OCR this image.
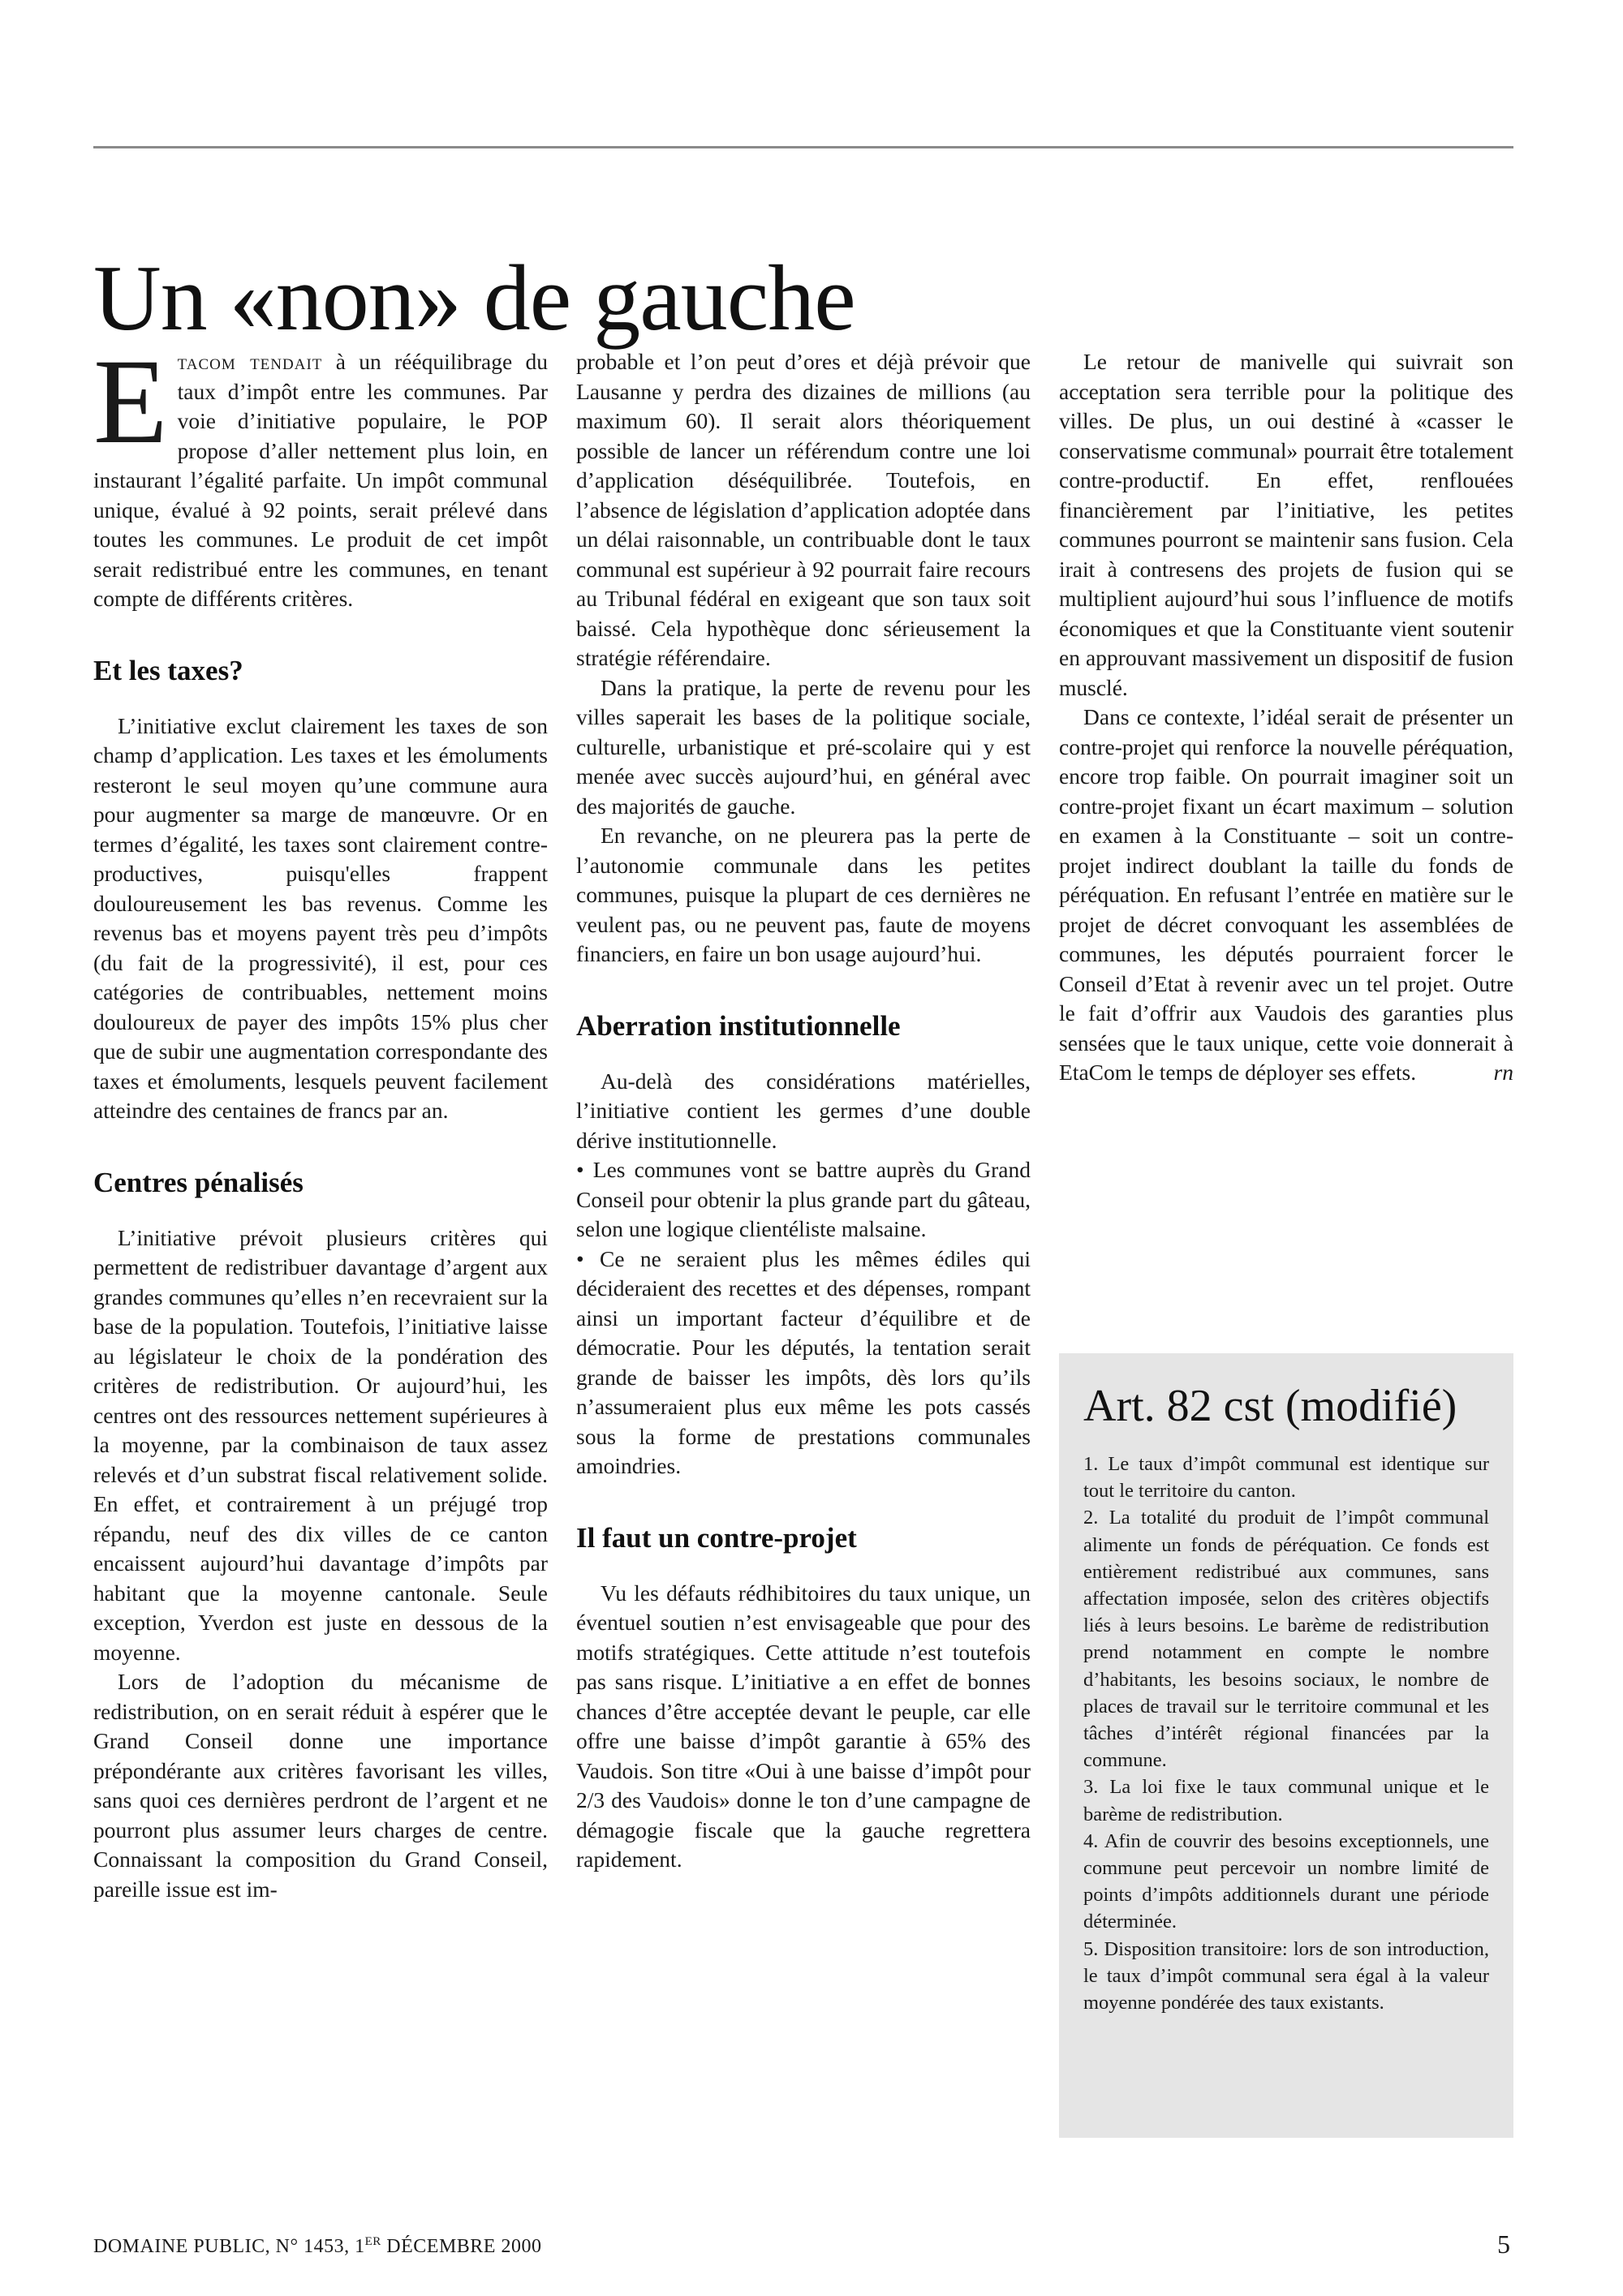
Un «non» de gauche

Etacom tendait à un rééquilibrage du taux d’impôt entre les communes. Par voie d’initiative populaire, le POP propose d’aller nettement plus loin, en instaurant l’égalité parfaite. Un impôt communal unique, évalué à 92 points, serait prélevé dans toutes les communes. Le produit de cet impôt serait redistribué entre les communes, en tenant compte de différents critères.

Et les taxes?

L’initiative exclut clairement les taxes de son champ d’application. Les taxes et les émoluments resteront le seul moyen qu’une commune aura pour augmenter sa marge de manœuvre. Or en termes d’égalité, les taxes sont clairement contre-productives, puisqu'elles frappent douloureusement les bas revenus. Comme les revenus bas et moyens payent très peu d’impôts (du fait de la progressivité), il est, pour ces catégories de contribuables, nettement moins douloureux de payer des impôts 15% plus cher que de subir une augmentation correspondante des taxes et émoluments, lesquels peuvent facilement atteindre des centaines de francs par an.

Centres pénalisés

L’initiative prévoit plusieurs critères qui permettent de redistribuer davantage d’argent aux grandes communes qu’elles n’en recevraient sur la base de la population. Toutefois, l’initiative laisse au législateur le choix de la pondération des critères de redistribution. Or aujourd’hui, les centres ont des ressources nettement supérieures à la moyenne, par la combinaison de taux assez relevés et d’un substrat fiscal relativement solide. En effet, et contrairement à un préjugé trop répandu, neuf des dix villes de ce canton encaissent aujourd’hui davantage d’impôts par habitant que la moyenne cantonale. Seule exception, Yverdon est juste en dessous de la moyenne.

Lors de l’adoption du mécanisme de redistribution, on en serait réduit à espérer que le Grand Conseil donne une importance prépondérante aux critères favorisant les villes, sans quoi ces dernières perdront de l’argent et ne pourront plus assumer leurs charges de centre. Connaissant la composition du Grand Conseil, pareille issue est im-

probable et l’on peut d’ores et déjà prévoir que Lausanne y perdra des dizaines de millions (au maximum 60). Il serait alors théoriquement possible de lancer un référendum contre une loi d’application déséquilibrée. Toutefois, en l’absence de législation d’application adoptée dans un délai raisonnable, un contribuable dont le taux communal est supérieur à 92 pourrait faire recours au Tribunal fédéral en exigeant que son taux soit baissé. Cela hypothèque donc sérieusement la stratégie référendaire.

Dans la pratique, la perte de revenu pour les villes saperait les bases de la politique sociale, culturelle, urbanistique et pré-scolaire qui y est menée avec succès aujourd’hui, en général avec des majorités de gauche.

En revanche, on ne pleurera pas la perte de l’autonomie communale dans les petites communes, puisque la plupart de ces dernières ne veulent pas, ou ne peuvent pas, faute de moyens financiers, en faire un bon usage aujourd’hui.

Aberration institutionnelle

Au-delà des considérations matérielles, l’initiative contient les germes d’une double dérive institutionnelle.

• Les communes vont se battre auprès du Grand Conseil pour obtenir la plus grande part du gâteau, selon une logique clientéliste malsaine.

• Ce ne seraient plus les mêmes édiles qui décideraient des recettes et des dépenses, rompant ainsi un important facteur d’équilibre et de démocratie. Pour les députés, la tentation serait grande de baisser les impôts, dès lors qu’ils n’assumeraient plus eux même les pots cassés sous la forme de prestations communales amoindries.

Il faut un contre-projet

Vu les défauts rédhibitoires du taux unique, un éventuel soutien n’est envisageable que pour des motifs stratégiques. Cette attitude n’est toutefois pas sans risque. L’initiative a en effet de bonnes chances d’être acceptée devant le peuple, car elle offre une baisse d’impôt garantie à 65% des Vaudois. Son titre «Oui à une baisse d’impôt pour 2/3 des Vaudois» donne le ton d’une campagne de démagogie fiscale que la gauche regrettera rapidement.

Le retour de manivelle qui suivrait son acceptation sera terrible pour la politique des villes. De plus, un oui destiné à «casser le conservatisme communal» pourrait être totalement contre-productif. En effet, renflouées financièrement par l’initiative, les petites communes pourront se maintenir sans fusion. Cela irait à contresens des projets de fusion qui se multiplient aujourd’hui sous l’influence de motifs économiques et que la Constituante vient soutenir en approuvant massivement un dispositif de fusion musclé.

Dans ce contexte, l’idéal serait de présenter un contre-projet qui renforce la nouvelle péréquation, encore trop faible. On pourrait imaginer soit un contre-projet fixant un écart maximum – solution en examen à la Constituante – soit un contre-projet indirect doublant la taille du fonds de péréquation. En refusant l’entrée en matière sur le projet de décret convoquant les assemblées de communes, les députés pourraient forcer le Conseil d’Etat à revenir avec un tel projet. Outre le fait d’offrir aux Vaudois des garanties plus sensées que le taux unique, cette voie donnerait à EtaCom le temps de déployer ses effets.	rn

Art. 82 cst (modifié)

1. Le taux d’impôt communal est identique sur tout le territoire du canton.

2. La totalité du produit de l’impôt communal alimente un fonds de péréquation. Ce fonds est entièrement redistribué aux communes, sans affectation imposée, selon des critères objectifs liés à leurs besoins. Le barème de redistribution prend notamment en compte le nombre d’habitants, les besoins sociaux, le nombre de places de travail sur le territoire communal et les tâches d’intérêt régional financées par la commune.

3. La loi fixe le taux communal unique et le barème de redistribution.

4. Afin de couvrir des besoins exceptionnels, une commune peut percevoir un nombre limité de points d’impôts additionnels durant une période déterminée.

5. Disposition transitoire: lors de son introduction, le taux d’impôt communal sera égal à la valeur moyenne pondérée des taux existants.

DOMAINE PUBLIC, N° 1453, 1ER DÉCEMBRE 2000	5
